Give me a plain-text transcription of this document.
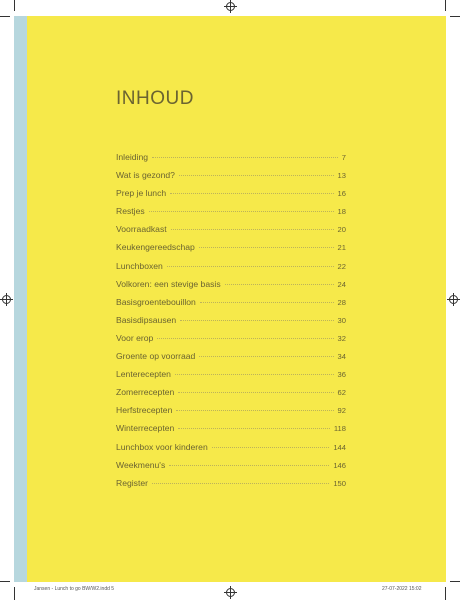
INHOUD
Inleiding	7
Wat is gezond?	13
Prep je lunch	16
Restjes	18
Voorraadkast	20
Keukengereedschap	21
Lunchboxen	22
Volkoren: een stevige basis	24
Basisgroentebouillon	28
Basisdipsausen	30
Voor erop	32
Groente op voorraad	34
Lenterecepten	36
Zomerrecepten	62
Herfstrecepten	92
Winterrecepten	118
Lunchbox voor kinderen	144
Weekmenu's	146
Register	150
Jansen - Lunch to go BW/W2.indd 5	27-07-2022 15:02
